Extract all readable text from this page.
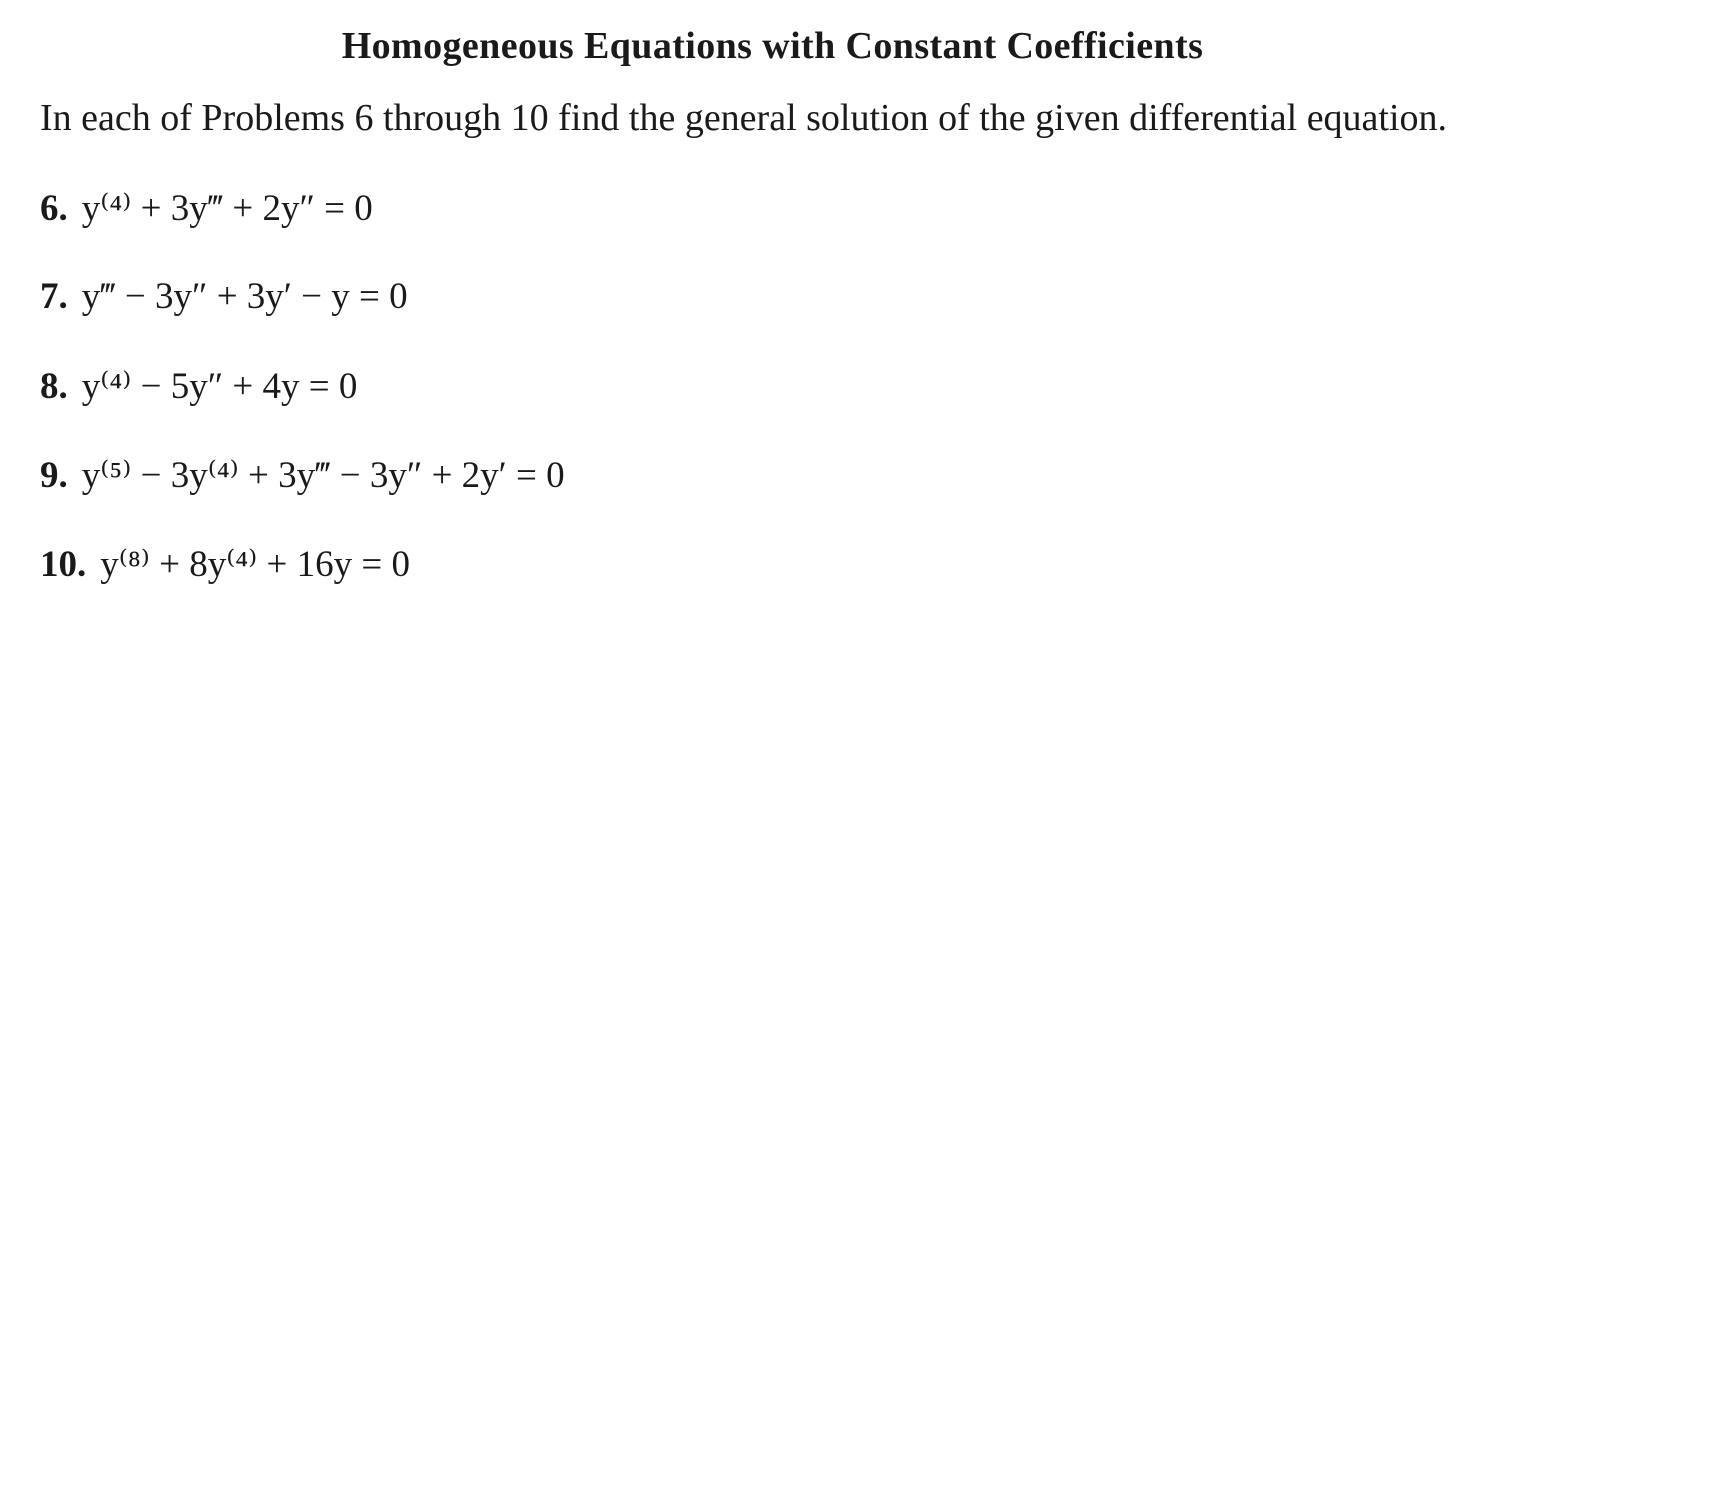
Homogeneous Equations with Constant Coefficients
In each of Problems 6 through 10 find the general solution of the given differential equation.
6. y⁽⁴⁾ + 3y‴ + 2y″ = 0
7. y‴ − 3y″ + 3y′ − y = 0
8. y⁽⁴⁾ − 5y″ + 4y = 0
9. y⁽⁵⁾ − 3y⁽⁴⁾ + 3y‴ − 3y″ + 2y′ = 0
10. y⁽⁸⁾ + 8y⁽⁴⁾ + 16y = 0
